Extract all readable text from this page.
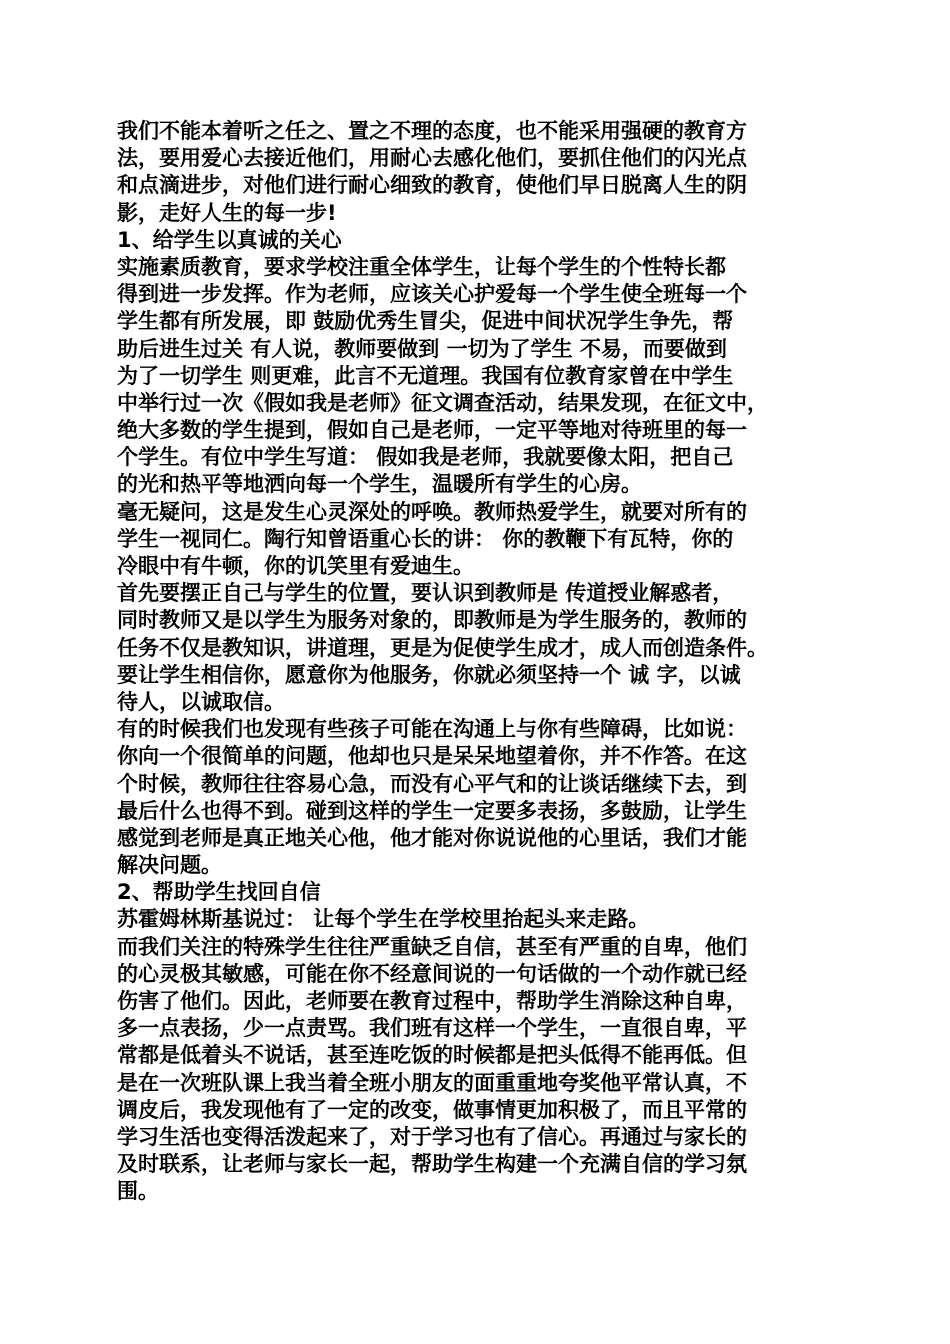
我们不能本着听之任之、置之不理的态度，也不能采用强硬的教育方
法，要用爱心去接近他们，用耐心去感化他们，要抓住他们的闪光点
和点滴进步，对他们进行耐心细致的教育，使他们早日脱离人生的阴
影，走好人生的每一步!
1、给学生以真诚的关心
实施素质教育，要求学校注重全体学生，让每个学生的个性特长都
得到进一步发挥。作为老师，应该关心护爱每一个学生使全班每一个
学生都有所发展，即 鼓励优秀生冒尖，促进中间状况学生争先，帮
助后进生过关 有人说，教师要做到 一切为了学生 不易，而要做到
为了一切学生 则更难，此言不无道理。我国有位教育家曾在中学生
中举行过一次《假如我是老师》征文调查活动，结果发现，在征文中，
绝大多数的学生提到，假如自己是老师，一定平等地对待班里的每一
个学生。有位中学生写道： 假如我是老师，我就要像太阳，把自己
的光和热平等地洒向每一个学生，温暖所有学生的心房。
毫无疑问，这是发生心灵深处的呼唤。教师热爱学生，就要对所有的
学生一视同仁。陶行知曾语重心长的讲： 你的教鞭下有瓦特，你的
冷眼中有牛顿，你的讥笑里有爱迪生。
首先要摆正自己与学生的位置，要认识到教师是 传道授业解惑者，
同时教师又是以学生为服务对象的，即教师是为学生服务的，教师的
任务不仅是教知识，讲道理，更是为促使学生成才，成人而创造条件。
要让学生相信你，愿意你为他服务，你就必须坚持一个 诚 字，以诚
待人，以诚取信。
有的时候我们也发现有些孩子可能在沟通上与你有些障碍，比如说：
你向一个很简单的问题，他却也只是呆呆地望着你，并不作答。在这
个时候，教师往往容易心急，而没有心平气和的让谈话继续下去，到
最后什么也得不到。碰到这样的学生一定要多表扬，多鼓励，让学生
感觉到老师是真正地关心他，他才能对你说说他的心里话，我们才能
解决问题。
2、帮助学生找回自信
苏霍姆林斯基说过： 让每个学生在学校里抬起头来走路。
而我们关注的特殊学生往往严重缺乏自信，甚至有严重的自卑，他们
的心灵极其敏感，可能在你不经意间说的一句话做的一个动作就已经
伤害了他们。因此，老师要在教育过程中，帮助学生消除这种自卑，
多一点表扬，少一点责骂。我们班有这样一个学生，一直很自卑，平
常都是低着头不说话，甚至连吃饭的时候都是把头低得不能再低。但
是在一次班队课上我当着全班小朋友的面重重地夸奖他平常认真，不
调皮后，我发现他有了一定的改变，做事情更加积极了，而且平常的
学习生活也变得活泼起来了，对于学习也有了信心。再通过与家长的
及时联系，让老师与家长一起，帮助学生构建一个充满自信的学习氛
围。
